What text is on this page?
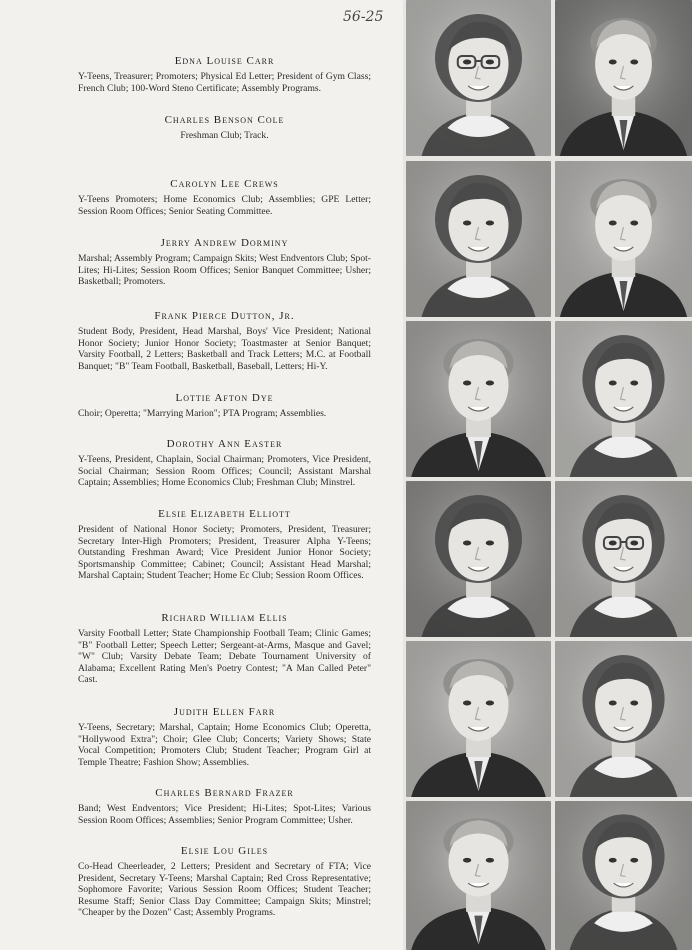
56-25
Edna Louise Carr
Y-Teens, Treasurer; Promoters; Physical Ed Letter; President of Gym Class; French Club; 100-Word Steno Certificate; Assembly Programs.
Charles Benson Cole
Freshman Club; Track.
Carolyn Lee Crews
Y-Teens Promoters; Home Economics Club; Assemblies; GPE Letter; Session Room Offices; Senior Seating Committee.
Jerry Andrew Dorminy
Marshal; Assembly Program; Campaign Skits; West Endventors Club; Spot-Lites; Hi-Lites; Session Room Offices; Senior Banquet Committee; Usher; Basketball; Promoters.
Frank Pierce Dutton, Jr.
Student Body, President, Head Marshal, Boys' Vice President; National Honor Society; Junior Honor Society; Toastmaster at Senior Banquet; Varsity Football, 2 Letters; Basketball and Track Letters; M.C. at Football Banquet; "B" Team Football, Basketball, Baseball, Letters; Hi-Y.
Lottie Afton Dye
Choir; Operetta; "Marrying Marion"; PTA Program; Assemblies.
Dorothy Ann Easter
Y-Teens, President, Chaplain, Social Chairman; Promoters, Vice President, Social Chairman; Session Room Offices; Council; Assistant Marshal Captain; Assemblies; Home Economics Club; Freshman Club; Minstrel.
Elsie Elizabeth Elliott
President of National Honor Society; Promoters, President, Treasurer; Secretary Inter-High Promoters; President, Treasurer Alpha Y-Teens; Outstanding Freshman Award; Vice President Junior Honor Society; Sportsmanship Committee; Cabinet; Council; Assistant Head Marshal; Marshal Captain; Student Teacher; Home Ec Club; Session Room Offices.
Richard William Ellis
Varsity Football Letter; State Championship Football Team; Clinic Games; "B" Football Letter; Speech Letter; Sergeant-at-Arms, Masque and Gavel; "W" Club; Varsity Debate Team; Debate Tournament University of Alabama; Excellent Rating Men's Poetry Contest; "A Man Called Peter" Cast.
Judith Ellen Farr
Y-Teens, Secretary; Marshal, Captain; Home Economics Club; Operetta, "Hollywood Extra"; Choir; Glee Club; Concerts; Variety Shows; State Vocal Competition; Promoters Club; Student Teacher; Program Girl at Temple Theatre; Fashion Show; Assemblies.
Charles Bernard Frazer
Band; West Endventors; Vice President; Hi-Lites; Spot-Lites; Various Session Room Offices; Assemblies; Senior Program Committee; Usher.
Elsie Lou Giles
Co-Head Cheerleader, 2 Letters; President and Secretary of FTA; Vice President, Secretary Y-Teens; Marshal Captain; Red Cross Representative; Sophomore Favorite; Various Session Room Offices; Student Teacher; Resume Staff; Senior Class Day Committee; Campaign Skits; Minstrel; "Cheaper by the Dozen" Cast; Assembly Programs.
